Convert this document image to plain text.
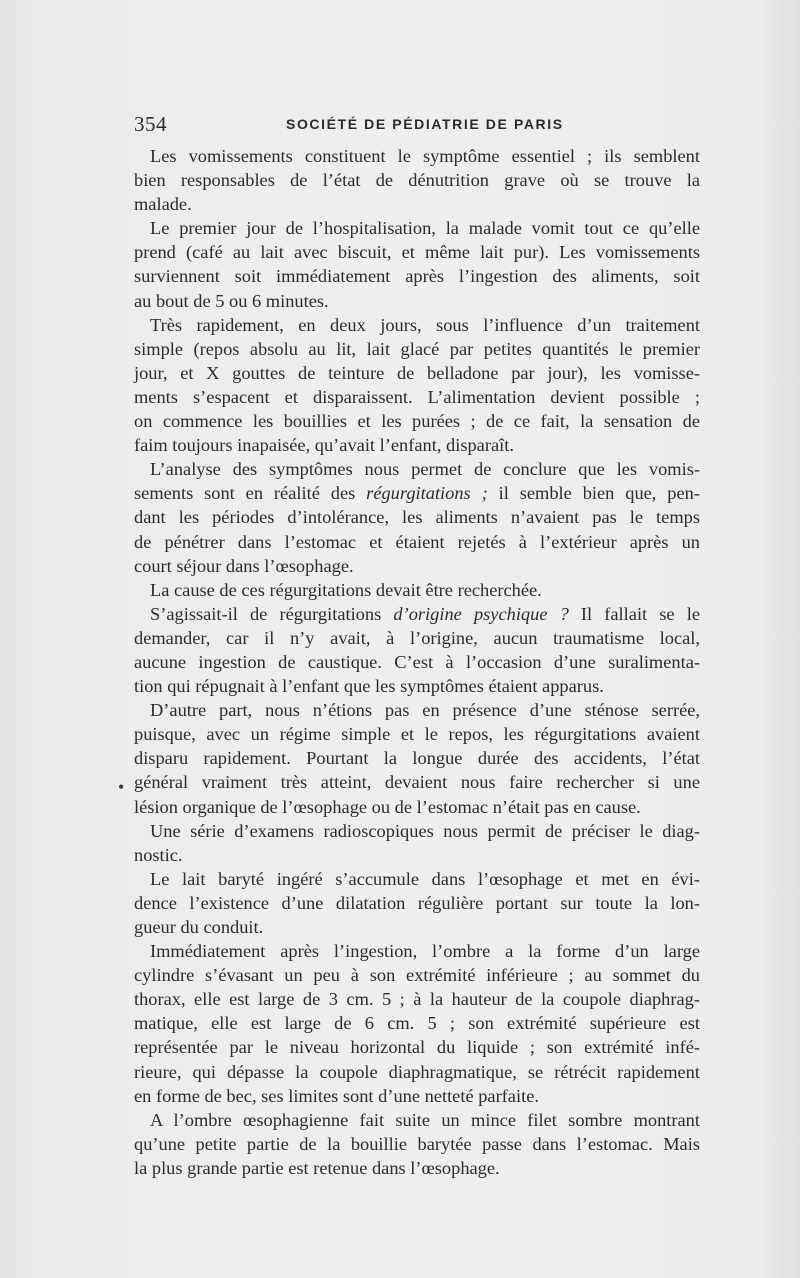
354	SOCIÉTÉ DE PÉDIATRIE DE PARIS
Les vomissements constituent le symptôme essentiel ; ils semblent
bien responsables de l’état de dénutrition grave où se trouve la
malade.
Le premier jour de l’hospitalisation, la malade vomit tout ce qu’elle
prend (café au lait avec biscuit, et même lait pur). Les vomissements
surviennent soit immédiatement après l’ingestion des aliments, soit
au bout de 5 ou 6 minutes.
Très rapidement, en deux jours, sous l’influence d’un traitement
simple (repos absolu au lit, lait glacé par petites quantités le premier
jour, et X gouttes de teinture de belladone par jour), les vomisse-
ments s’espacent et disparaissent. L’alimentation devient possible ;
on commence les bouillies et les purées ; de ce fait, la sensation de
faim toujours inapaisée, qu’avait l’enfant, disparaît.
L’analyse des symptômes nous permet de conclure que les vomis-
sements sont en réalité des régurgitations ; il semble bien que, pen-
dant les périodes d’intolérance, les aliments n’avaient pas le temps
de pénétrer dans l’estomac et étaient rejetés à l’extérieur après un
court séjour dans l’œsophage.
La cause de ces régurgitations devait être recherchée.
S’agissait-il de régurgitations d’origine psychique ? Il fallait se le
demander, car il n’y avait, à l’origine, aucun traumatisme local,
aucune ingestion de caustique. C’est à l’occasion d’une suralimenta-
tion qui répugnait à l’enfant que les symptômes étaient apparus.
D’autre part, nous n’étions pas en présence d’une sténose serrée,
puisque, avec un régime simple et le repos, les régurgitations avaient
disparu rapidement. Pourtant la longue durée des accidents, l’état
général vraiment très atteint, devaient nous faire rechercher si une
lésion organique de l’œsophage ou de l’estomac n’était pas en cause.
Une série d’examens radioscopiques nous permit de préciser le diag-
nostic.
Le lait baryté ingéré s’accumule dans l’œsophage et met en évi-
dence l’existence d’une dilatation régulière portant sur toute la lon-
gueur du conduit.
Immédiatement après l’ingestion, l’ombre a la forme d’un large
cylindre s’évasant un peu à son extrémité inférieure ; au sommet du
thorax, elle est large de 3 cm. 5 ; à la hauteur de la coupole diaphrag-
matique, elle est large de 6 cm. 5 ; son extrémité supérieure est
représentée par le niveau horizontal du liquide ; son extrémité infé-
rieure, qui dépasse la coupole diaphragmatique, se rétrécit rapidement
en forme de bec, ses limites sont d’une netteté parfaite.
A l’ombre œsophagienne fait suite un mince filet sombre montrant
qu’une petite partie de la bouillie barytée passe dans l’estomac. Mais
la plus grande partie est retenue dans l’œsophage.
•
